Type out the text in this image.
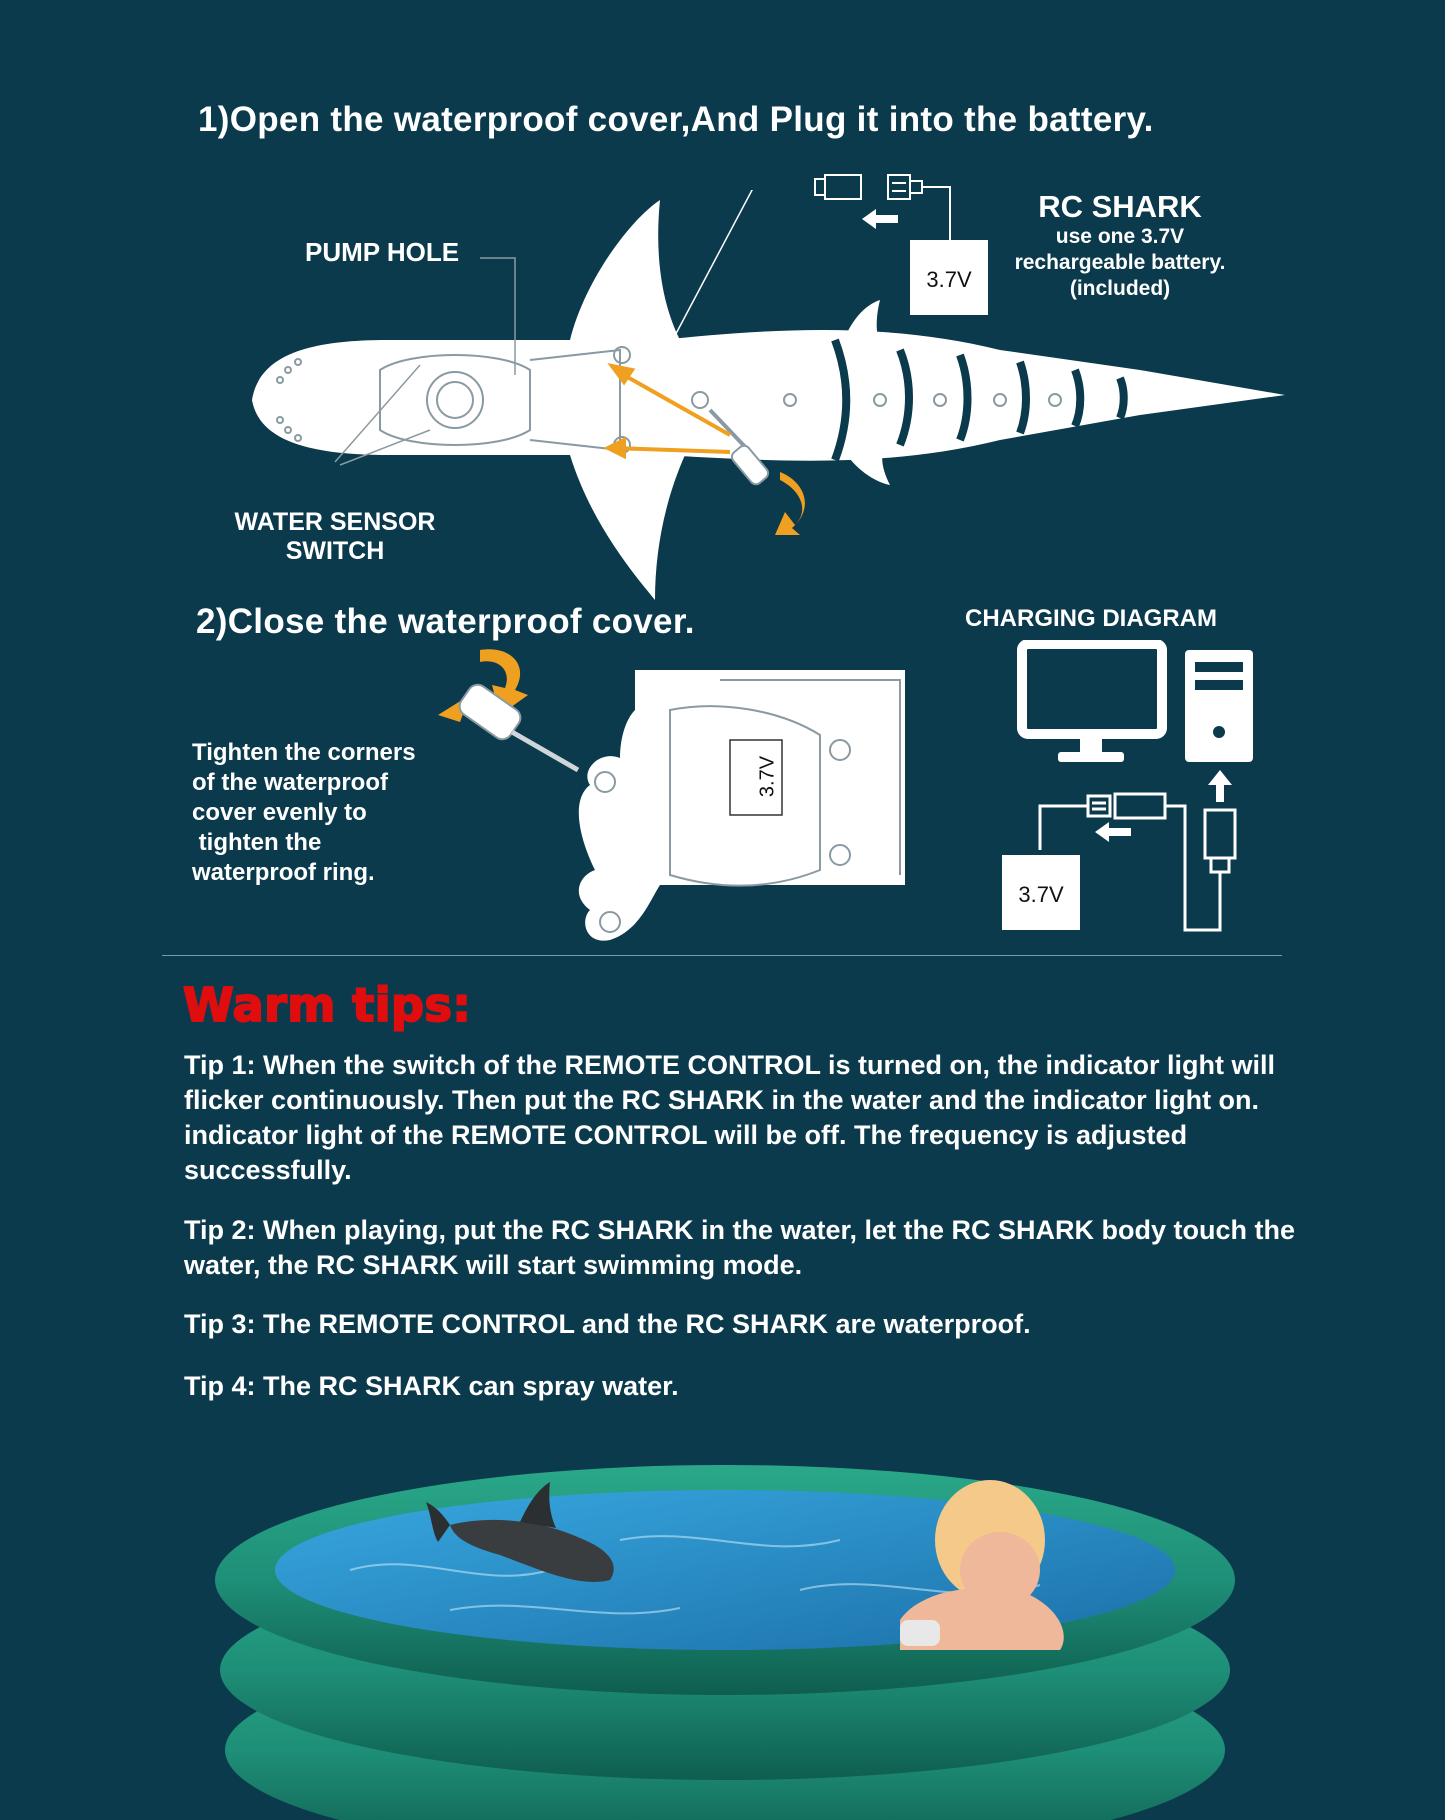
1)Open the waterproof cover,And Plug it into the battery.
PUMP HOLE
WATER SENSOR
SWITCH
RC SHARK
use one 3.7V
rechargeable battery.
(included)
3.7V
2)Close the waterproof cover.
Tighten the corners
of the waterproof
cover evenly to
tighten the
waterproof ring.
3.7V
CHARGING DIAGRAM
3.7V
Warm tips:
Tip 1: When the switch of the REMOTE CONTROL is turned on, the indicator light will flicker continuously. Then put the RC SHARK in the water and the indicator light on. indicator light of the REMOTE CONTROL will be off. The frequency is adjusted successfully.
Tip 2: When playing, put the RC SHARK in the water, let the RC SHARK body touch the water, the RC SHARK will start swimming mode.
Tip 3: The REMOTE CONTROL and the RC SHARK are waterproof.
Tip 4: The RC SHARK can spray water.
